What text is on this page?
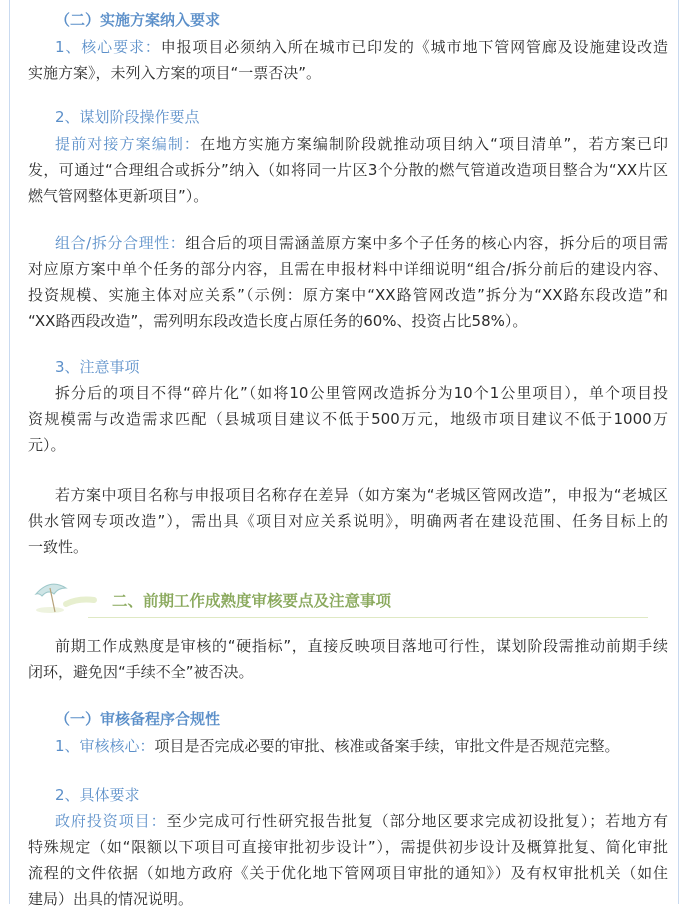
（二）实施方案纳入要求
1、核心要求：申报项目必须纳入所在城市已印发的《城市地下管网管廊及设施建设改造
实施方案》，未列入方案的项目“一票否决”。
2、谋划阶段操作要点
提前对接方案编制：在地方实施方案编制阶段就推动项目纳入“项目清单”，若方案已印
发，可通过“合理组合或拆分”纳入（如将同一片区3个分散的燃气管道改造项目整合为“XX片区
燃气管网整体更新项目”）。
组合/拆分合理性：组合后的项目需涵盖原方案中多个子任务的核心内容，拆分后的项目需
对应原方案中单个任务的部分内容，且需在申报材料中详细说明“组合/拆分前后的建设内容、
投资规模、实施主体对应关系”（示例：原方案中“XX路管网改造”拆分为“XX路东段改造”和
“XX路西段改造”，需列明东段改造长度占原任务的60%、投资占比58%）。
3、注意事项
拆分后的项目不得“碎片化”（如将10公里管网改造拆分为10个1公里项目），单个项目投
资规模需与改造需求匹配（县城项目建议不低于500万元，地级市项目建议不低于1000万
元）。
若方案中项目名称与申报项目名称存在差异（如方案为“老城区管网改造”，申报为“老城区
供水管网专项改造”），需出具《项目对应关系说明》，明确两者在建设范围、任务目标上的
一致性。
二、前期工作成熟度审核要点及注意事项
前期工作成熟度是审核的“硬指标”，直接反映项目落地可行性，谋划阶段需推动前期手续
闭环，避免因“手续不全”被否决。
（一）审核备程序合规性
1、审核核心：项目是否完成必要的审批、核准或备案手续，审批文件是否规范完整。
2、具体要求
政府投资项目：至少完成可行性研究报告批复（部分地区要求完成初设批复）；若地方有
特殊规定（如“限额以下项目可直接审批初步设计”），需提供初步设计及概算批复、简化审批
流程的文件依据（如地方政府《关于优化地下管网项目审批的通知》）及有权审批机关（如住
建局）出具的情况说明。
